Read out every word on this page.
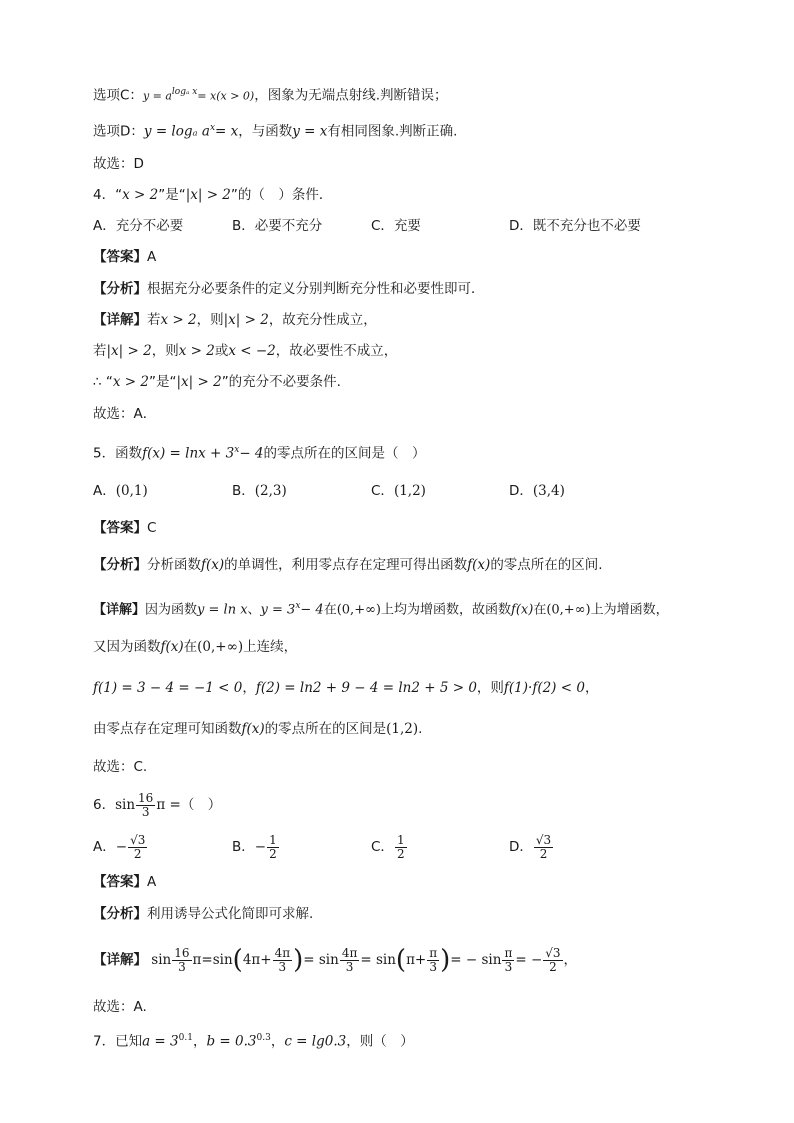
选项C：$y = a^{log_a x}= x(x > 0)$，图象为无端点射线.判断错误；
选项D：y = logₐ $a^x= x$，与函数y = x有相同图象.判断正确.
故选：D
4．“x > 2”是“|x| > 2”的（　）条件．
A．充分不必要	B．必要不充分	C．充要	D．既不充分也不必要
【答案】A
【分析】根据充分必要条件的定义分别判断充分性和必要性即可．
【详解】若x > 2，则|x| > 2，故充分性成立，
若|x| > 2，则x > 2或x < −2，故必要性不成立，
∴ “x > 2”是“|x| > 2”的充分不必要条件.
故选：A．
5．函数$f(x) = \ln x + 3^x- 4$的零点所在的区间是（　）
A．(0,1)	B．(2,3)	C．(1,2)	D．(3,4)
【答案】C
【分析】分析函数f(x)的单调性，利用零点存在定理可得出函数f(x)的零点所在的区间.
【详解】因为函数y = ln x、$y = 3^x- 4$在(0,+∞)上均为增函数，故函数f(x)在(0,+∞)上为增函数，
又因为函数f(x)在(0,+∞)上连续，
f(1) = 3 − 4 = −1 < 0，f(2) = ln2 + 9 − 4 = ln2 + 5 > 0，则f(1)·f(2) < 0，
由零点存在定理可知函数f(x)的零点所在的区间是(1,2).
故选：C.
6．$\sin \frac{16}{3}$ π =（　）
A．− $\frac{√3}{2}$	B．− $\frac{1}{2}$	C． $\frac{1}{2}$	D． $\frac{√3}{2}$
【答案】A
【分析】利用诱导公式化简即可求解.
【详解】 $\sin \frac{16}{3} \pi=\sin(4\pi+ \frac{4\pi}{3}$ )= $\sin \frac{4\pi}{3} = \sin(\pi+ \frac{\pi}{3}$ )= − $\sin \frac{\pi}{3}$ = − $\frac{√3}{2}$ ，
故选：A.
7．已知$a = 3^{0.1}$，$b = 0.3^{0.3}$，c = lg0.3，则（　）
